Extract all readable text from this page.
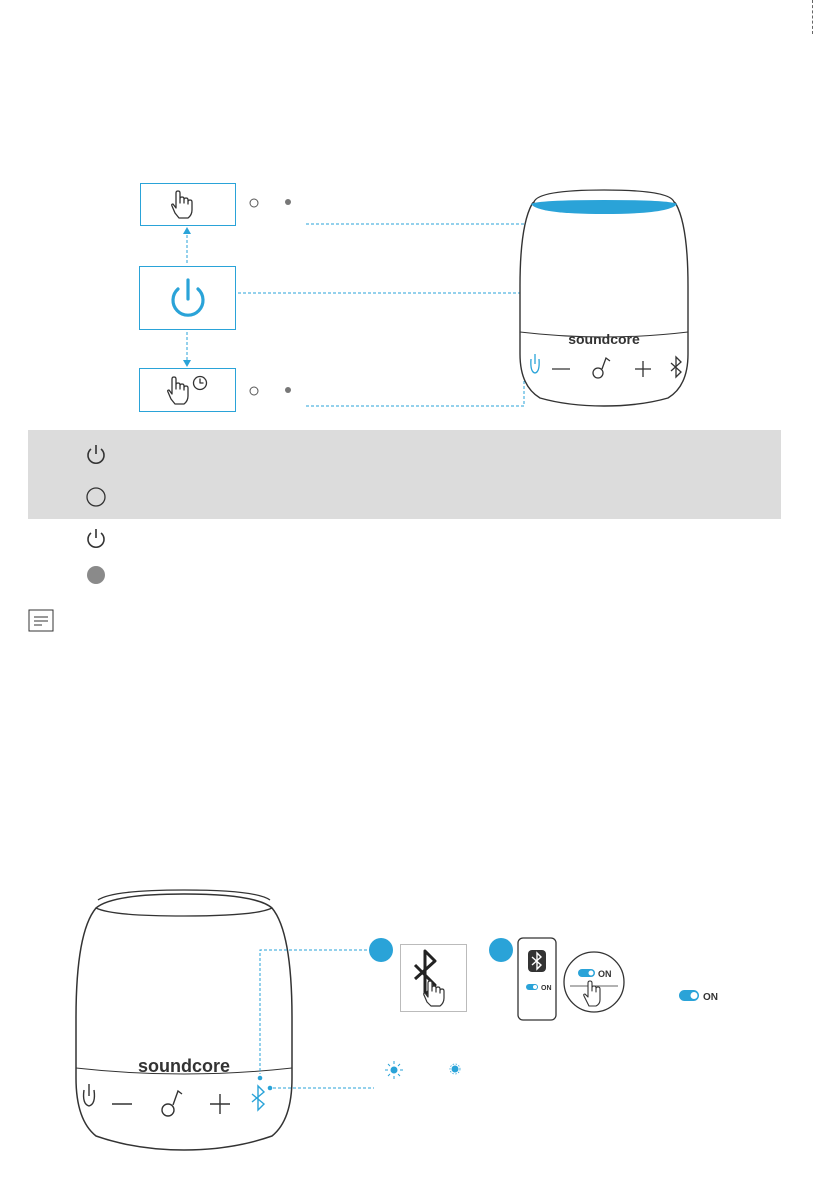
soundcore
soundcore
ON
ON
ON
